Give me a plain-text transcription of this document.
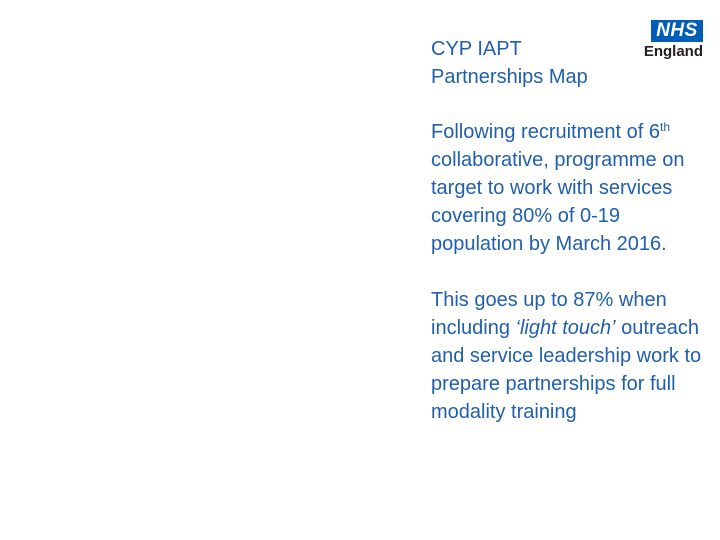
CYP IAPT
Partnerships Map
NHS
England

Following recruitment of 6th collaborative, programme on target to work with services covering 80% of 0-19 population by March 2016.

This goes up to 87% when including ‘light touch’ outreach and service leadership work to prepare partnerships for full modality training
